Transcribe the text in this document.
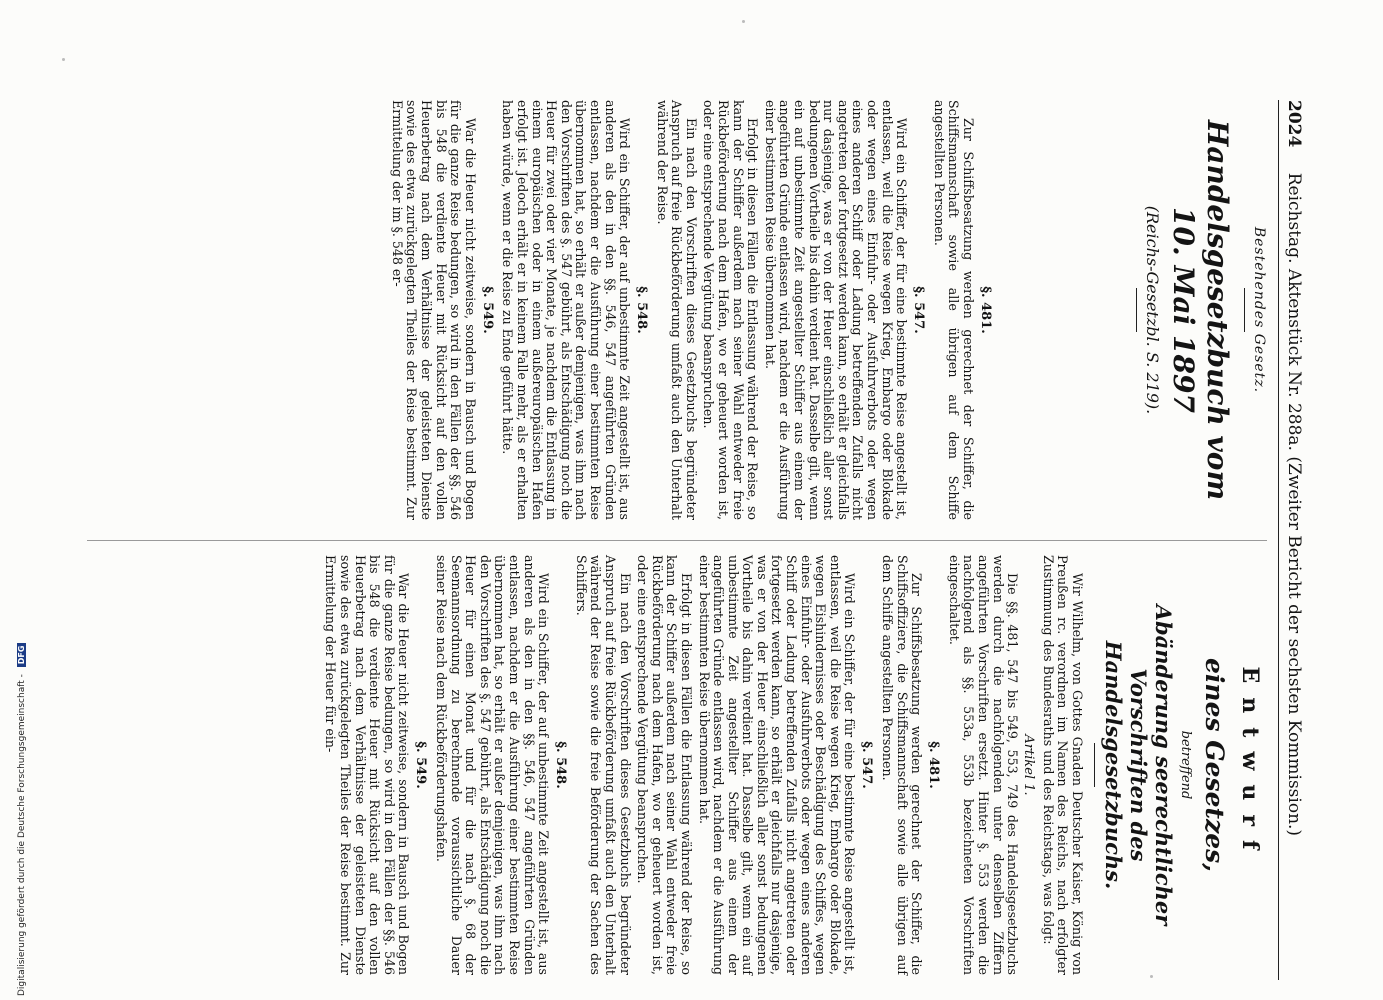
2024 Reichstag. Aktenstück Nr. 288a. (Zweiter Bericht der sechsten Kommission.)
Bestehendes Gesetz.
Handelsgesetzbuch vom 10. Mai 1897
(Reichs-Gesetzbl. S. 219).
§. 481.

Zur Schiffsbesatzung werden gerechnet der Schiffer, die Schiffsmannschaft sowie alle übrigen auf dem Schiffe angestellten Personen.

§. 547.

Wird ein Schiffer, der für eine bestimmte Reise angestellt ist, entlassen, weil die Reise wegen Krieg, Embargo oder Blokade oder wegen eines Einfuhr- oder Ausfuhrverbots oder wegen eines anderen Schiff oder Ladung betreffenden Zufalls nicht angetreten oder fortgesetzt werden kann, so erhält er gleichfalls nur dasjenige, was er von der Heuer einschließlich aller sonst bedungenen Vortheile bis dahin verdient hat. Dasselbe gilt, wenn ein auf unbestimmte Zeit angestellter Schiffer aus einem der angeführten Gründe entlassen wird, nachdem er die Ausführung einer bestimmten Reise übernommen hat.

Erfolgt in diesen Fällen die Entlassung während der Reise, so kann der Schiffer außerdem nach seiner Wahl entweder freie Rückbeförderung nach dem Hafen, wo er geheuert worden ist, oder eine entsprechende Vergütung beanspruchen.

Ein nach den Vorschriften dieses Gesetzbuchs begründeter Anspruch auf freie Rückbeförderung umfaßt auch den Unterhalt während der Reise.

§. 548.

Wird ein Schiffer, der auf unbestimmte Zeit angestellt ist, aus anderen als den in den §§. 546, 547 angeführten Gründen entlassen, nachdem er die Ausführung einer bestimmten Reise übernommen hat, so erhält er außer demjenigen, was ihm nach den Vorschriften des §. 547 gebührt, als Entschädigung noch die Heuer für zwei oder vier Monate, je nachdem die Entlassung in einem europäischen oder in einem außereuropäischen Hafen erfolgt ist. Jedoch erhält er in keinem Falle mehr, als er erhalten haben würde, wenn er die Reise zu Ende geführt hätte.

§. 549.

War die Heuer nicht zeitweise, sondern in Bausch und Bogen für die ganze Reise bedungen, so wird in den Fällen der §§. 546 bis 548 die verdiente Heuer mit Rücksicht auf den vollen Heuerbetrag nach dem Verhältnisse der geleisteten Dienste sowie des etwa zurückgelegten Theiles der Reise bestimmt. Zur Ermittelung der im §. 548 er-

Entwurf
eines Gesetzes,
betreffend
Abänderung seerechtlicher Vorschriften des Handelsgesetzbuchs.

Wir Wilhelm, von Gottes Gnaden Deutscher Kaiser, König von Preußen rc. verordnen im Namen des Reichs, nach erfolgter Zustimmung des Bundesraths und des Reichstags, was folgt:

Artikel 1.

Die §§. 481, 547 bis 549, 553, 749 des Handelsgesetzbuchs werden durch die nachfolgenden unter denselben Ziffern angeführten Vorschriften ersetzt. Hinter §. 553 werden die nachfolgend als §§. 553a, 553b bezeichneten Vorschriften eingeschaltet.

§. 481.

Zur Schiffsbesatzung werden gerechnet der Schiffer, die Schiffsoffiziere, die Schiffsmannschaft sowie alle übrigen auf dem Schiffe angestellten Personen.

§. 547.

Wird ein Schiffer, der für eine bestimmte Reise angestellt ist, entlassen, weil die Reise wegen Krieg, Embargo oder Blokade, wegen Eishindernisses oder Beschädigung des Schiffes, wegen eines Einfuhr- oder Ausfuhrverbots oder wegen eines anderen Schiff oder Ladung betreffenden Zufalls nicht angetreten oder fortgesetzt werden kann, so erhält er gleichfalls nur dasjenige, was er von der Heuer einschließlich aller sonst bedungenen Vortheile bis dahin verdient hat. Dasselbe gilt, wenn ein auf unbestimmte Zeit angestellter Schiffer aus einem der angeführten Gründe entlassen wird, nachdem er die Ausführung einer bestimmten Reise übernommen hat.

Erfolgt in diesen Fällen die Entlassung während der Reise, so kann der Schiffer außerdem nach seiner Wahl entweder freie Rückbeförderung nach dem Hafen, wo er geheuert worden ist, oder eine entsprechende Vergütung beanspruchen.

Ein nach den Vorschriften dieses Gesetzbuchs begründeter Anspruch auf freie Rückbeförderung umfaßt auch den Unterhalt während der Reise sowie die freie Beförderung der Sachen des Schiffers.

§. 548.

Wird ein Schiffer, der auf unbestimmte Zeit angestellt ist, aus anderen als den in den §§. 546, 547 angeführten Gründen entlassen, nachdem er die Ausführung einer bestimmten Reise übernommen hat, so erhält er außer demjenigen, was ihm nach den Vorschriften des §. 547 gebührt, als Entschädigung noch die Heuer für einen Monat und für die nach §. 68 der Seemannsordnung zu berechnende voraussichtliche Dauer seiner Reise nach dem Rückbeförderungshafen.

§. 549.

War die Heuer nicht zeitweise, sondern in Bausch und Bogen für die ganze Reise bedungen, so wird in den Fällen der §§. 546 bis 548 die verdiente Heuer mit Rücksicht auf den vollen Heuerbetrag nach dem Verhältnisse der geleisteten Dienste sowie des etwa zurückgelegten Theiles der Reise bestimmt. Zur Ermittelung der Heuer für ein-

Digitalisierung gefördert durch die Deutsche Forschungsgemeinschaft - DFG
